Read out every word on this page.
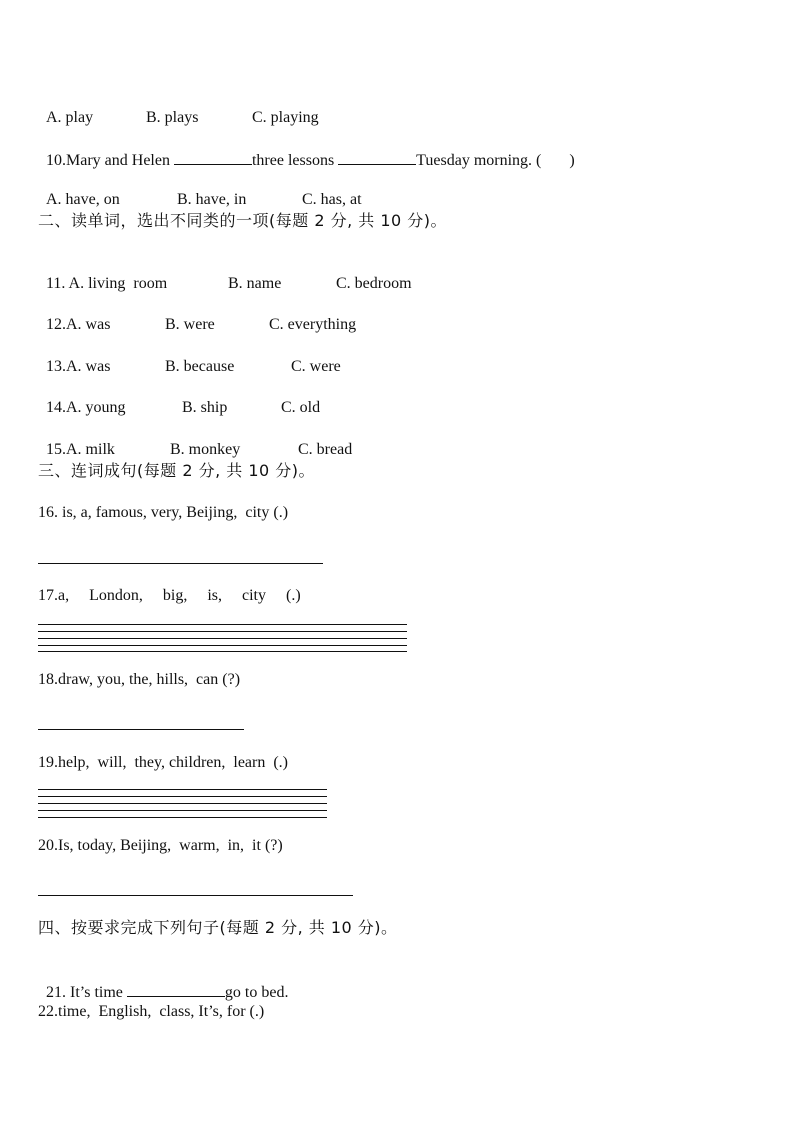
A. play	B. plays	C. playing

10.Mary and Helen	three lessons	Tuesday morning. ( )

A. have, on	B. have, in	C. has, at

二、读单词，选出不同类的一项(每题 2 分, 共 10 分)。

11. A. living  room	B. name	C. bedroom

12.A. was	B. were	C. everything

13.A. was	B. because	C. were

14.A. young	B. ship	C. old

15.A. milk	B. monkey	C. bread

三、连词成句(每题 2 分, 共 10 分)。
16. is, a, famous, very, Beijing,  city (.)
17.a,     London,     big,     is,     city     (.)
18.draw, you, the, hills,  can (?)
19.help,  will,  they, children,  learn  (.)
20.Is, today, Beijing,  warm,  in,  it (?)
四、按要求完成下列句子(每题 2 分, 共 10 分)。

21. It’s time	go to bed.

22.time,  English,  class, It’s, for (.)
